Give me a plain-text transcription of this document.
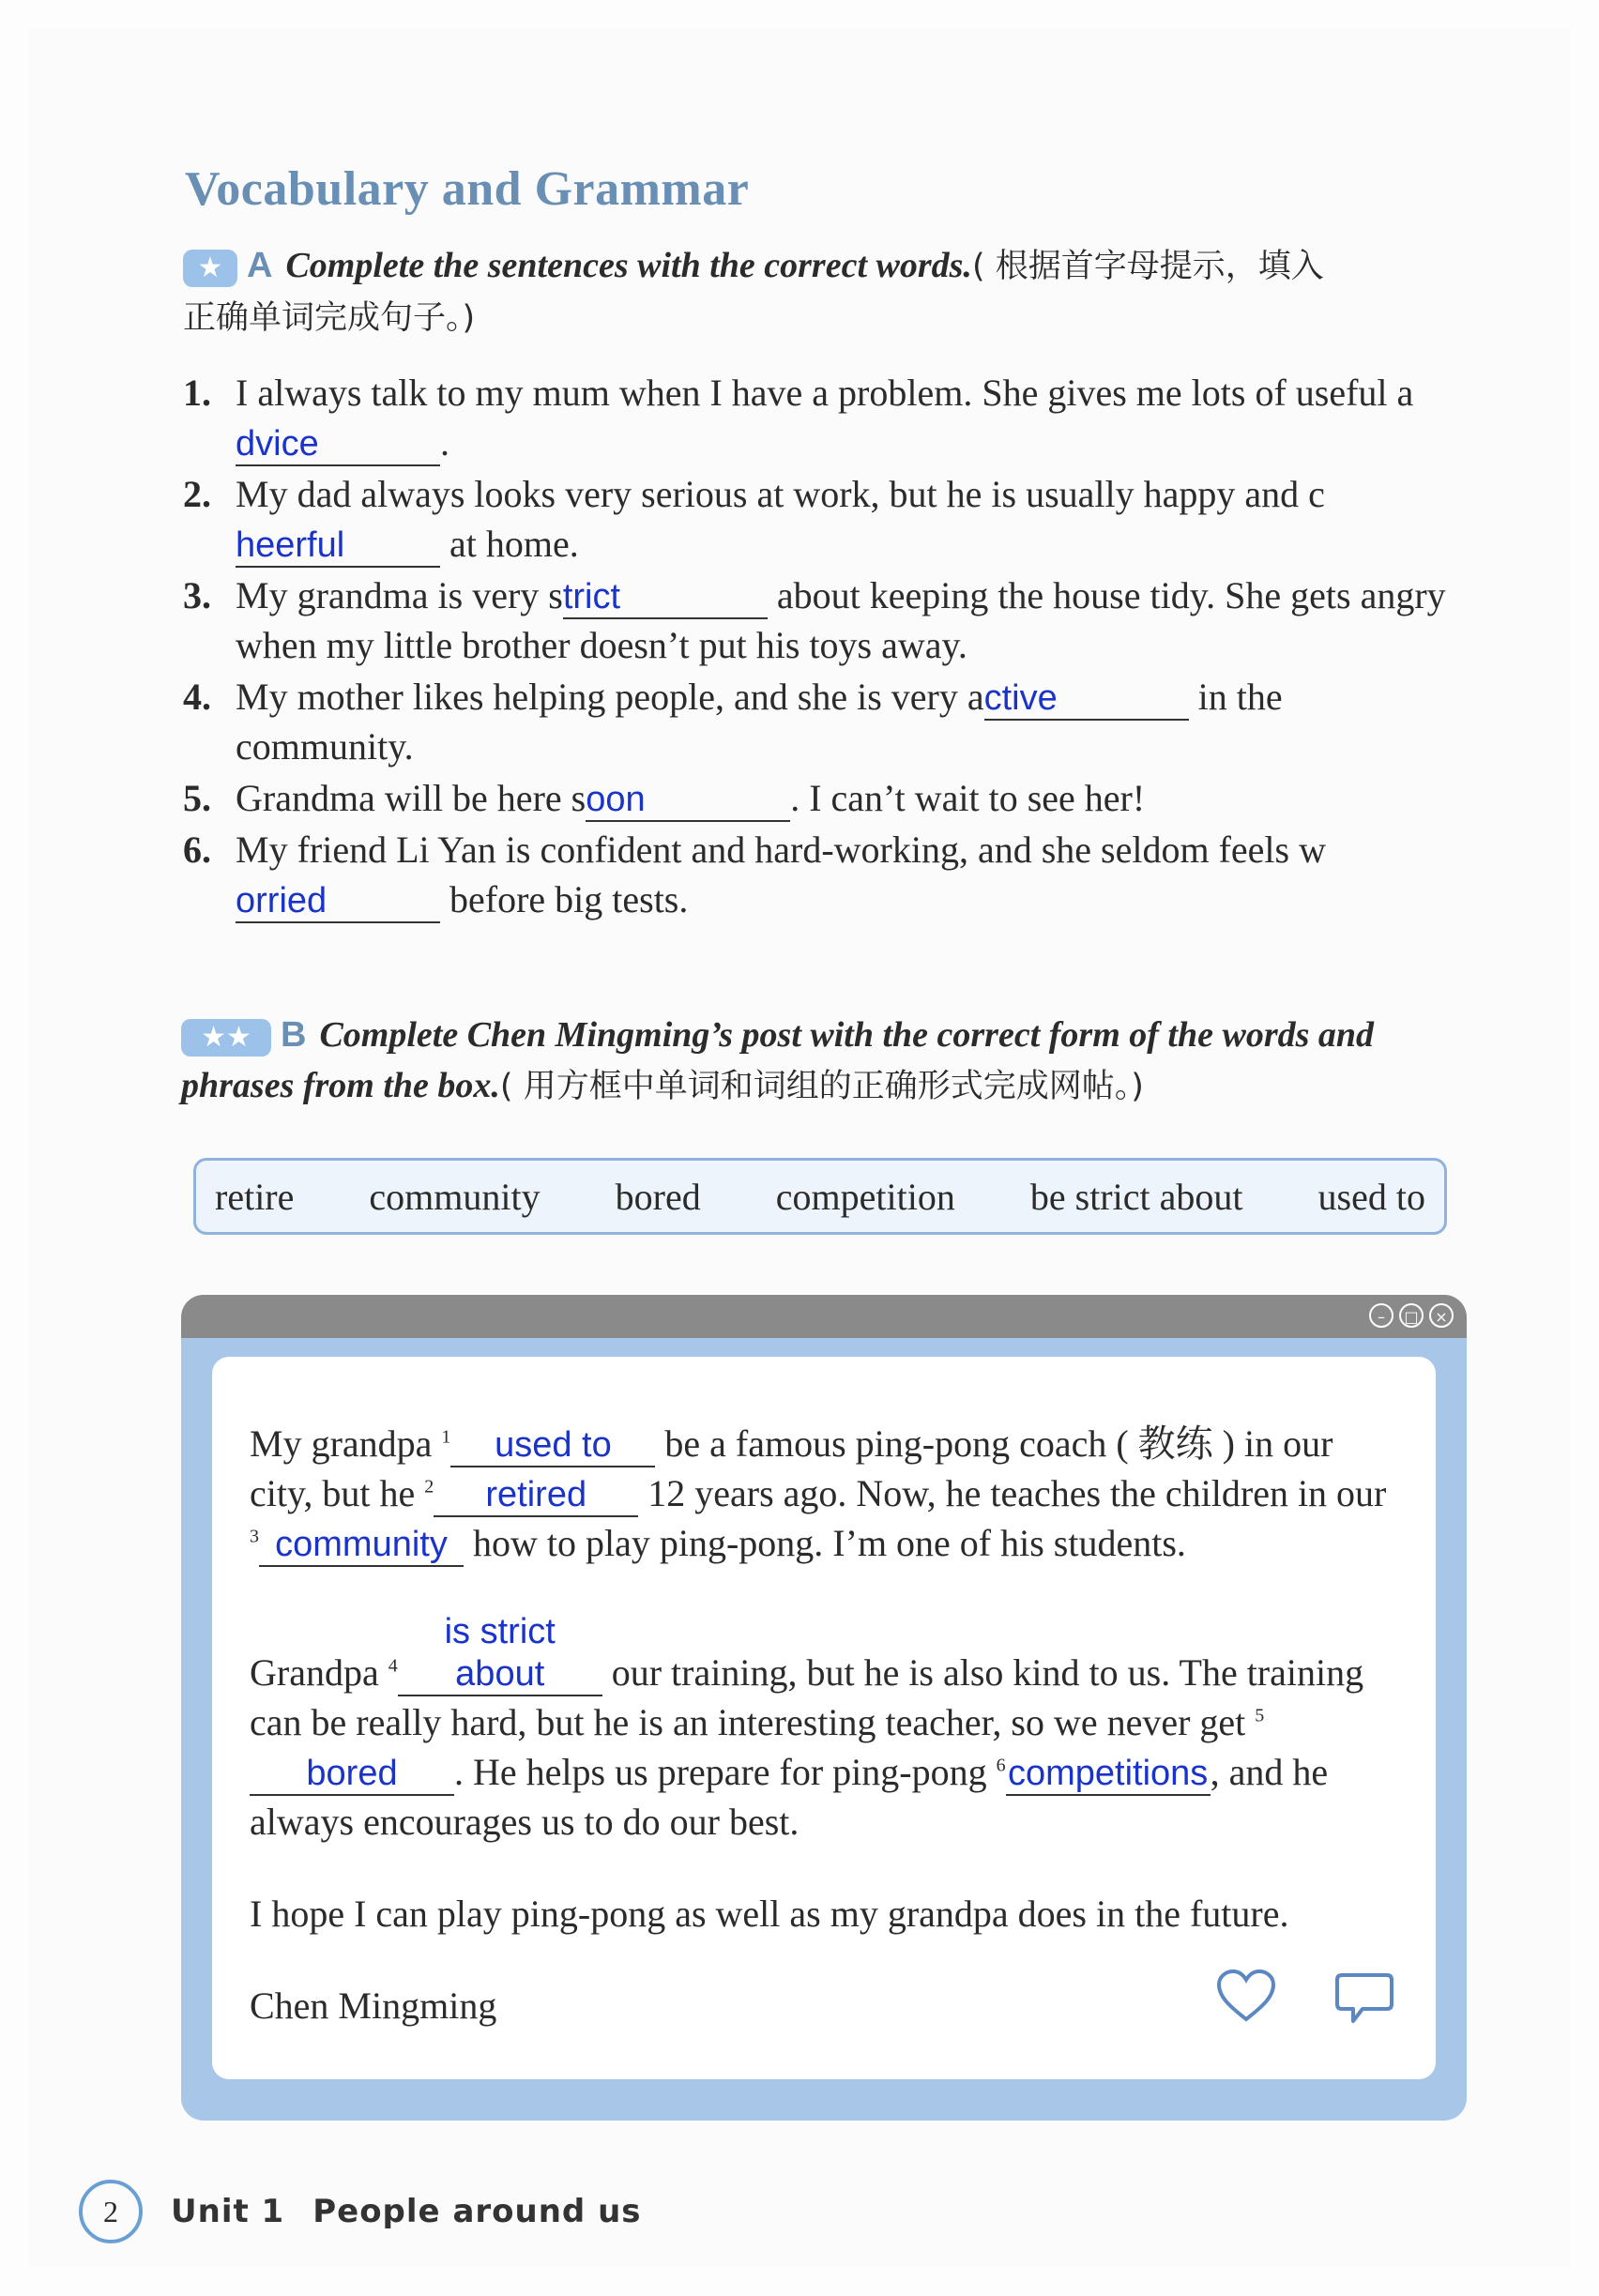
Vocabulary and Grammar
★ A Complete the sentences with the correct words.( 根据首字母提示，填入
正确单词完成句子。)
1. I always talk to my mum when I have a problem. She gives me lots of useful advice	.
2. My dad always looks very serious at work, but he is usually happy and cheerful	at home.
3. My grandma is very strict	about keeping the house tidy. She gets angry when my little brother doesn’t put his toys away.
4. My mother likes helping people, and she is very active	in the community.
5. Grandma will be here soon	. I can’t wait to see her!
6. My friend Li Yan is confident and hard-working, and she seldom feels worried	before big tests.
★★ B Complete Chen Mingming’s post with the correct form of the words and
phrases from the box.( 用方框中单词和词组的正确形式完成网帖。)
retire community bored competition be strict about used to
–	□	×

My grandpa $^1$ used to be a famous ping-pong coach ( 教练 ) in our city, but he $^2$ retired 12 years ago. Now, he teaches the children in our $^3$ community how to play ping-pong. I’m one of his students.

Grandpa $^4$is strict about our training, but he is also kind to us. The training can be really hard, but he is an interesting teacher, so we never get $^5$bored . He helps us prepare for ping-pong $^6$competitions, and he always encourages us to do our best.

I hope I can play ping-pong as well as my grandpa does in the future.

Chen Mingming

2	Unit 1 People around us
